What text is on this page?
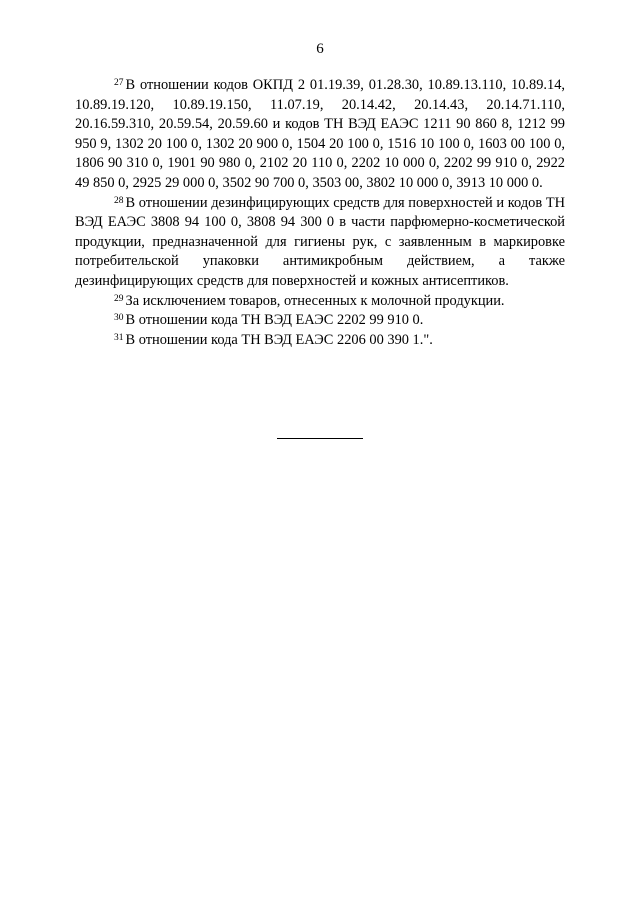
6

$^{27}$ В отношении кодов ОКПД 2 01.19.39, 01.28.30, 10.89.13.110, 10.89.14, 10.89.19.120, 10.89.19.150, 11.07.19, 20.14.42, 20.14.43, 20.14.71.110, 20.16.59.310, 20.59.54, 20.59.60 и кодов ТН ВЭД ЕАЭС 1211 90 860 8, 1212 99 950 9, 1302 20 100 0, 1302 20 900 0, 1504 20 100 0, 1516 10 100 0, 1603 00 100 0, 1806 90 310 0, 1901 90 980 0, 2102 20 110 0, 2202 10 000 0, 2202 99 910 0, 2922 49 850 0, 2925 29 000 0, 3502 90 700 0, 3503 00, 3802 10 000 0, 3913 10 000 0.

$^{28}$ В отношении дезинфицирующих средств для поверхностей и кодов ТН ВЭД ЕАЭС 3808 94 100 0, 3808 94 300 0 в части парфюмерно-косметической продукции, предназначенной для гигиены рук, с заявленным в маркировке потребительской упаковки антимикробным действием, а также дезинфицирующих средств для поверхностей и кожных антисептиков.

$^{29}$ За исключением товаров, отнесенных к молочной продукции.

$^{30}$ В отношении кода ТН ВЭД ЕАЭС 2202 99 910 0.

$^{31}$ В отношении кода ТН ВЭД ЕАЭС 2206 00 390 1.".
